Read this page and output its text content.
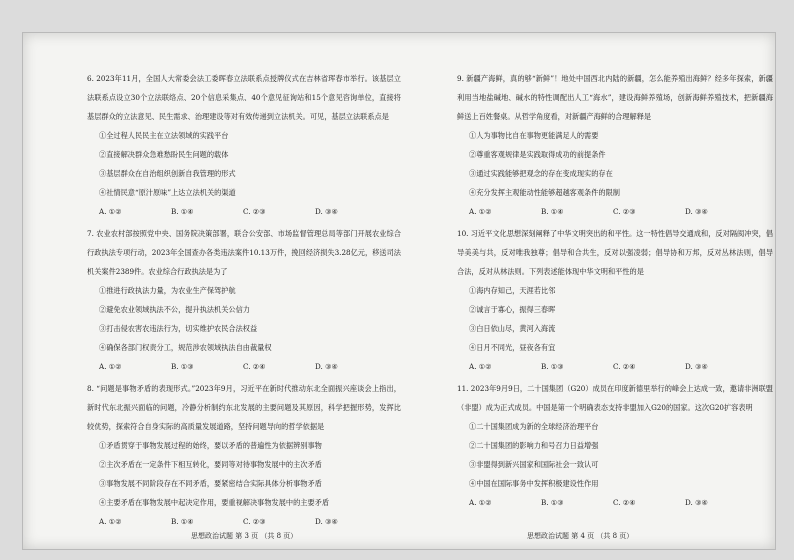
6. 2023年11月，全国人大常委会法工委晖春立法联系点授牌仪式在吉林省珲春市举行。该基层立法联系点设立30个立法联络点、20个信息采集点、40个意见征询站和15个意见咨询单位，直接将基层群众的立法意见、民生需求、治理建设等对有效传递到立法机关。可见，基层立法联系点是
①全过程人民民主在立法领域的实践平台
②直接解决群众急难愁盼民生问题的载体
③基层群众在自治组织创新自我管理的形式
④社情民意“原汁原味”上达立法机关的渠道
A. ①②	B. ①④	C. ②③	D. ③④
7. 农业农村部按照党中央、国务院决策部署，联合公安部、市场监督管理总局等部门开展农业综合行政执法专项行动，2023年全国查办各类违法案件10.13万件，挽回经济损失3.28亿元，移送司法机关案件2389件。农业综合行政执法是为了
①推进行政执法力量，为农业生产保驾护航
②避免农业领域执法不公，提升执法机关公信力
③打击侵农害农违法行为，切实维护农民合法权益
④确保各部门权责分工，规范涉农领域执法自由裁量权
A. ①②	B. ①③	C. ②④	D. ③④
8. “问题是事物矛盾的表现形式。”2023年9月，习近平在新时代推动东北全面振兴座谈会上指出，新时代东北振兴面临的问题，冷静分析制约东北发展的主要问题及其原因，科学把握形势，发挥比较优势，探索符合自身实际的高质量发展道路，坚持问题导向的哲学依据是
①矛盾贯穿于事物发展过程的始终，要以矛盾的普遍性为依据辨别事物
②主次矛盾在一定条件下相互转化，要同等对待事物发展中的主次矛盾
③事物发展不同阶段存在不同矛盾，要紧密结合实际具体分析事物矛盾
④主要矛盾在事物发展中起决定作用，要重视解决事物发展中的主要矛盾
A. ①②	B. ①④	C. ②③	D. ③④
9. 新疆产海鲜，真的够“新鲜”！地处中国西北内陆的新疆，怎么能养殖出海鲜？经多年探索，新疆利用当地盐碱地、碱水的特性调配出人工“海水”，建设海鲜养殖场，创新海鲜养殖技术，把新疆海鲜送上百姓餐桌。从哲学角度看，对新疆产海鲜的合理解释是
①人为事物比自在事物更能满足人的需要
②尊重客观规律是实践取得成功的前提条件
③通过实践能够把观念的存在变成现实的存在
④充分发挥主观能动性能够超越客观条件的限制
A. ①②	B. ①④	C. ②③	D. ③④
10. 习近平文化思想深刻阐释了中华文明突出的和平性。这一特性倡导交通成和，反对隔阂冲突，倡导美美与共，反对唯我独尊；倡导和合共生，反对以强凌弱；倡导协和万邦，反对丛林法则，倡导合法，反对从林法则。下列表述能体现中华文明和平性的是
①海内存知己，天涯若比邻
②诚言于寡心，振得三春晖
③白日依山尽，黄河入海流
④日月不同光，昼夜各有宜
A. ①②	B. ①③	C. ②④	D. ③④
11. 2023年9月9日，二十国集团（G20）成员在印度新德里举行的峰会上达成一致，邀请非洲联盟（非盟）成为正式成员。中国是第一个明确表态支持非盟加入G20的国家。这次G20扩容表明
①二十国集团成为新的全球经济治理平台
②二十国集团的影响力和号召力日益增强
③非盟得到新兴国家和国际社会一致认可
④中国在国际事务中发挥积极建设性作用
A. ①②	B. ①③	C. ②④	D. ③④
思想政治试题 第 3 页 （共 8 页）	思想政治试题 第 4 页 （共 8 页）
